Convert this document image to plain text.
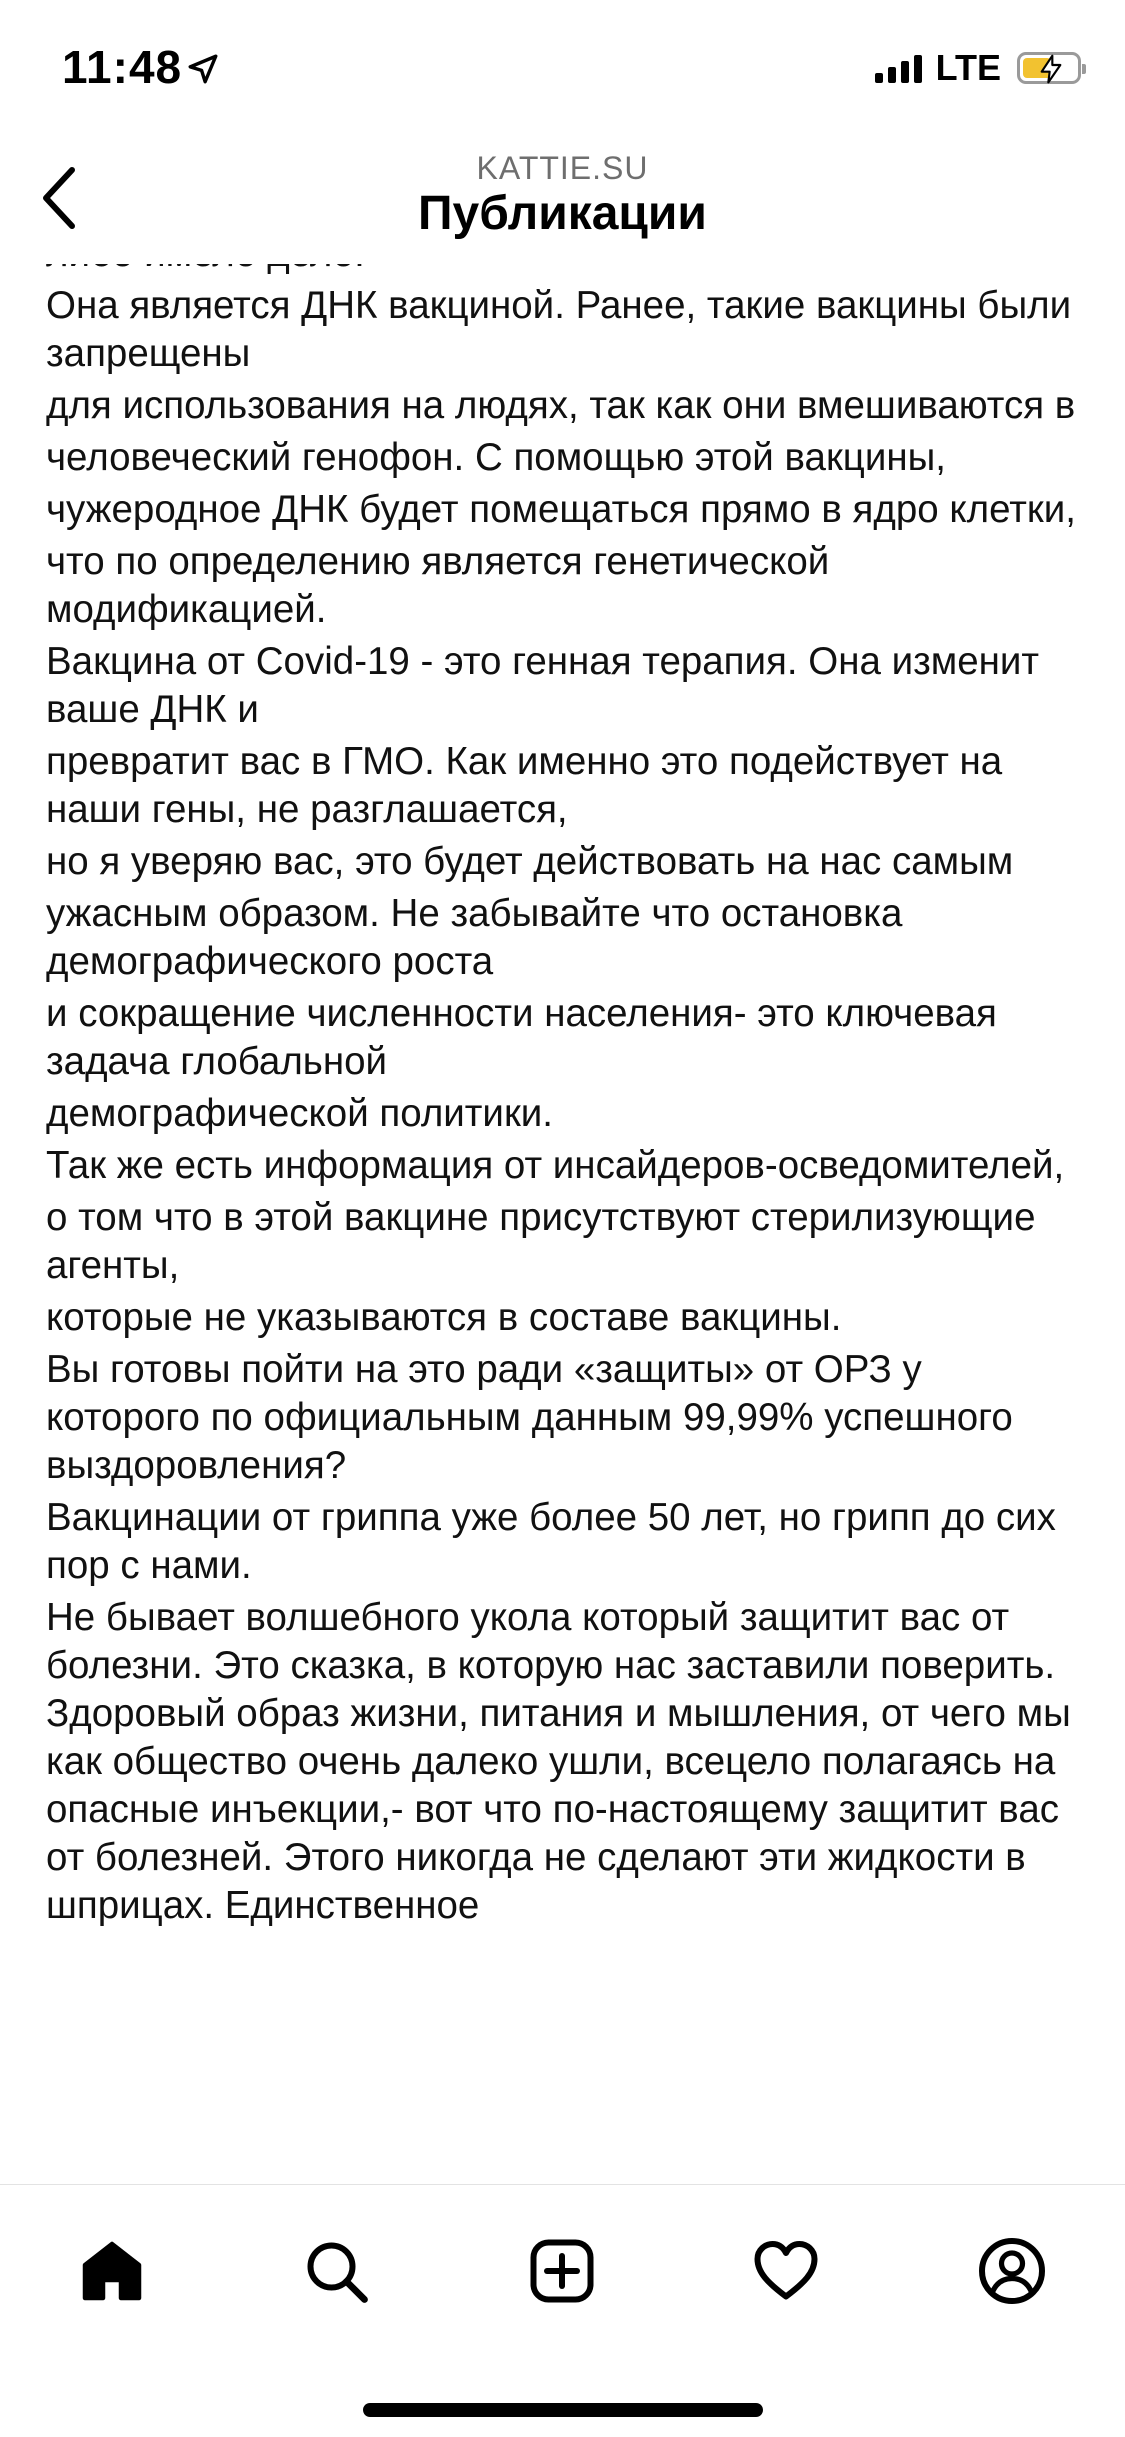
11:48	LTE
KATTIE.SU
Публикации
Она является ДНК вакциной. Ранее, такие вакцины были запрещены
для использования на людях, так как они вмешиваются в
человеческий генофон. С помощью этой вакцины,
чужеродное ДНК будет помещаться прямо в ядро клетки,
что по определению является генетической модификацией.
Вакцина от Covid-19 - это генная терапия. Она изменит ваше ДНК и
превратит вас в ГМО. Как именно это подействует на наши гены, не разглашается,
но я уверяю вас, это будет действовать на нас самым
ужасным образом. Не забывайте что остановка демографического роста
и сокращение численности населения- это ключевая задача глобальной
демографической политики.
Так же есть информация от инсайдеров-осведомителей,
о том что в этой вакцине присутствуют стерилизующие агенты,
которые не указываются в составе вакцины.
Вы готовы пойти на это ради «защиты» от ОРЗ у которого по официальным данным 99,99% успешного выздоровления?
Вакцинации от гриппа уже более 50 лет, но грипп до сих пор с нами.
Не бывает волшебного укола который защитит вас от болезни. Это сказка, в которую нас заставили поверить. Здоровый образ жизни, питания и мышления, от чего мы как общество очень далеко ушли, всецело полагаясь на опасные инъекции,- вот что по-настоящему защитит вас от болезней. Этого никогда не сделают эти жидкости в шприцах. Единственное
